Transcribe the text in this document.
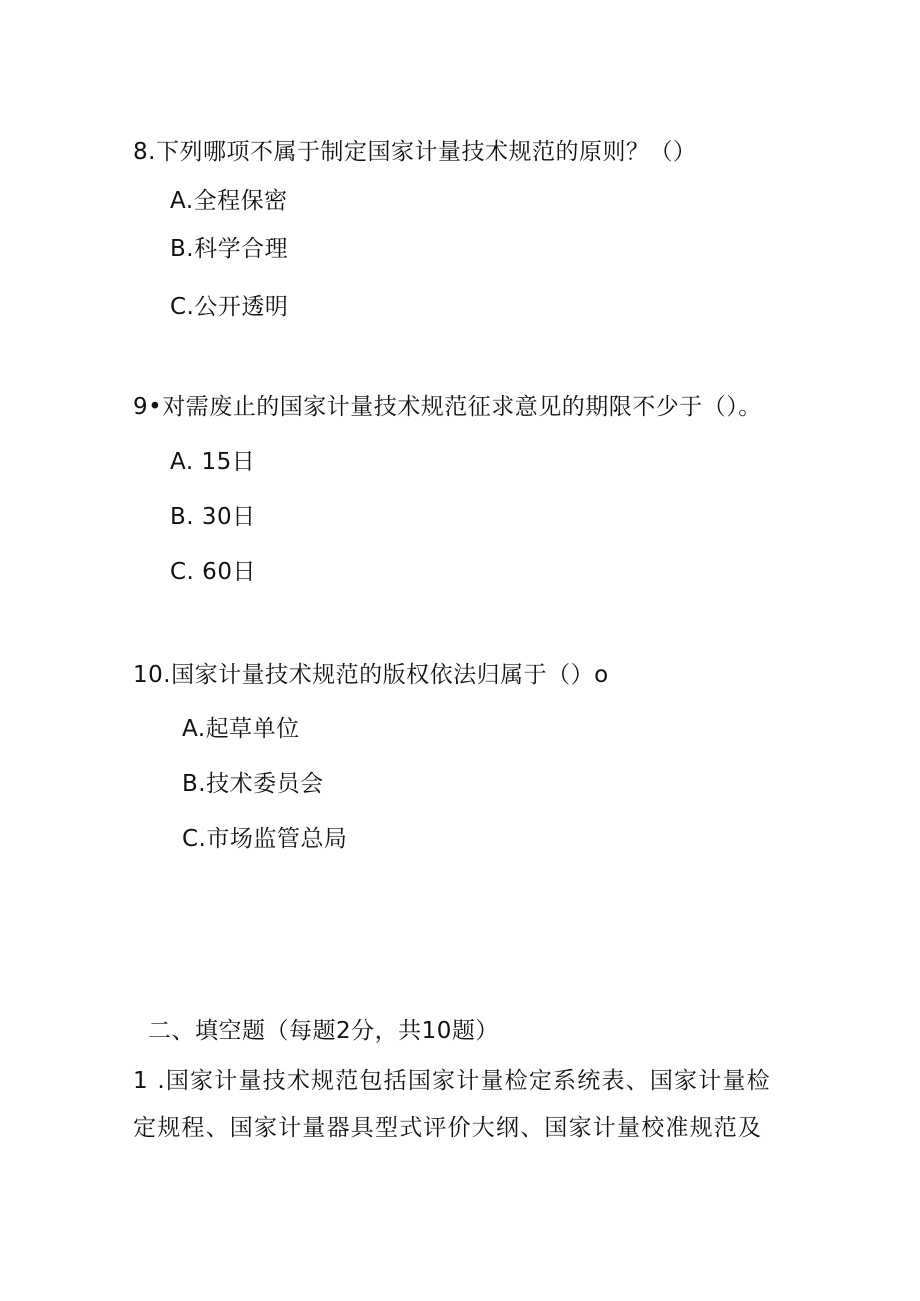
8.下列哪项不属于制定国家计量技术规范的原则？（）
A.全程保密
B.科学合理
C.公开透明
9•对需废止的国家计量技术规范征求意见的期限不少于（）。
A. 15日
B. 30日
C. 60日
10.国家计量技术规范的版权依法归属于（）o
A.起草单位
B.技术委员会
C.市场监管总局
二、填空题（每题2分，共10题）
1 .国家计量技术规范包括国家计量检定系统表、国家计量检
定规程、国家计量器具型式评价大纲、国家计量校准规范及
